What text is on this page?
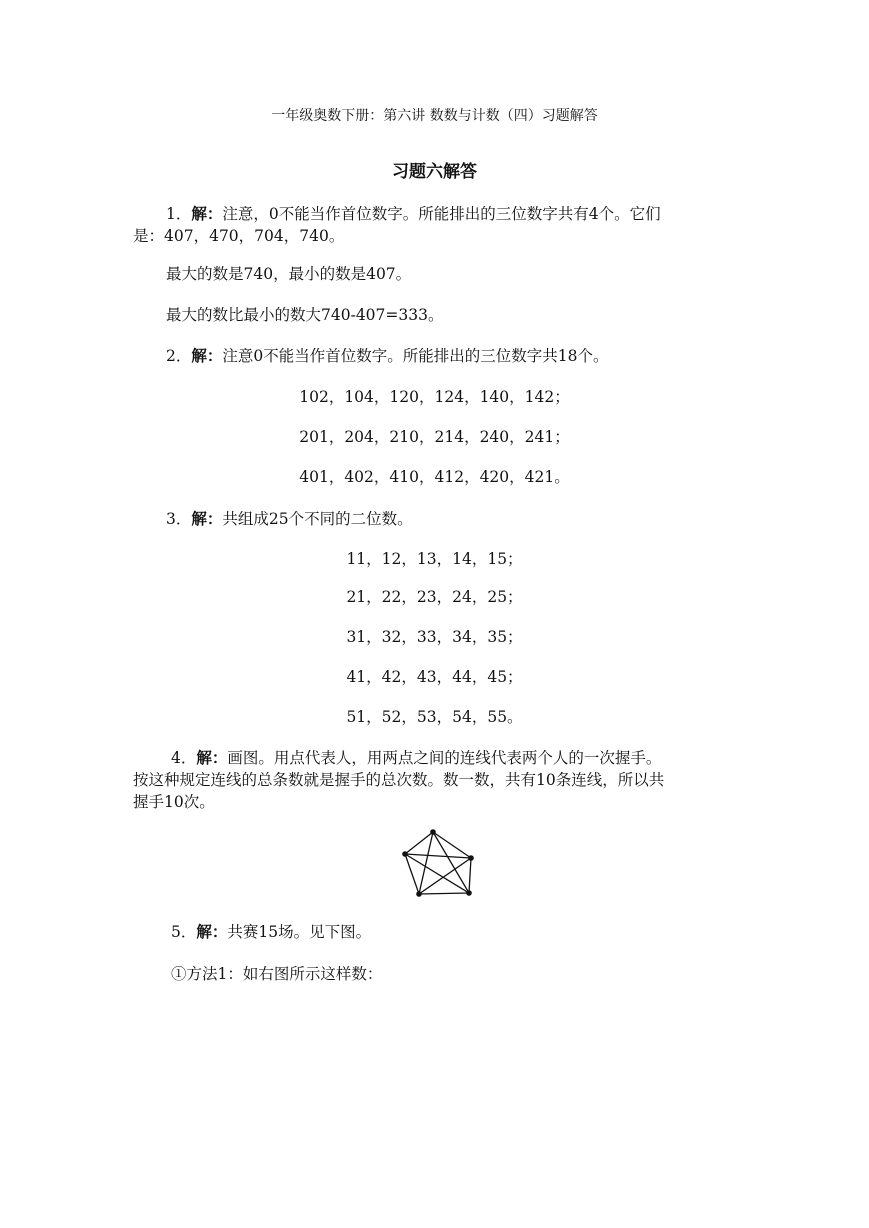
一年级奥数下册：第六讲 数数与计数（四）习题解答
习题六解答
1．解：注意，0不能当作首位数字。所能排出的三位数字共有4个。它们
是：407，470，704，740。
最大的数是740，最小的数是407。
最大的数比最小的数大740-407=333。
2．解：注意0不能当作首位数字。所能排出的三位数字共18个。
102，104，120，124，140，142；
201，204，210，214，240，241；
401，402，410，412，420，421。
3．解：共组成25个不同的二位数。
11，12，13，14，15；
21，22，23，24，25；
31，32，33，34，35；
41，42，43，44，45；
51，52，53，54，55。
4．解：画图。用点代表人，用两点之间的连线代表两个人的一次握手。
按这种规定连线的总条数就是握手的总次数。数一数，共有10条连线，所以共
握手10次。
5．解：共赛15场。见下图。
①方法1：如右图所示这样数：
